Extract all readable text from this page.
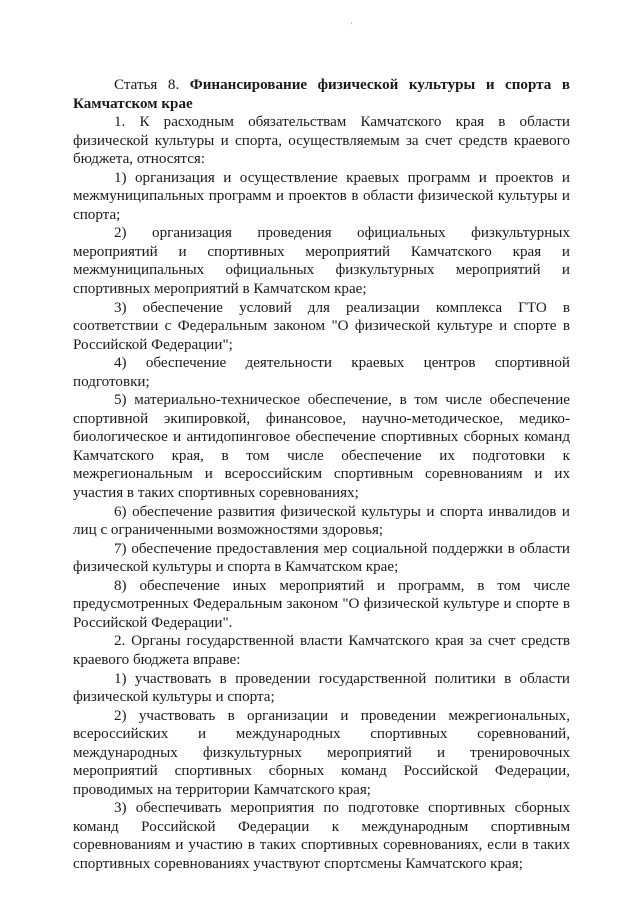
'

Статья 8. Финансирование физической культуры и спорта в Камчатском крае

1. К расходным обязательствам Камчатского края в области физической культуры и спорта, осуществляемым за счет средств краевого бюджета, относятся:

1) организация и осуществление краевых программ и проектов и межмуниципальных программ и проектов в области физической культуры и спорта;

2) организация проведения официальных физкультурных мероприятий и спортивных мероприятий Камчатского края и межмуниципальных официальных физкультурных мероприятий и спортивных мероприятий в Камчатском крае;

3) обеспечение условий для реализации комплекса ГТО в соответствии с Федеральным законом "О физической культуре и спорте в Российской Федерации";

4) обеспечение деятельности краевых центров спортивной подготовки;

5) материально-техническое обеспечение, в том числе обеспечение спортивной экипировкой, финансовое, научно-методическое, медико-биологическое и антидопинговое обеспечение спортивных сборных команд Камчатского края, в том числе обеспечение их подготовки к межрегиональным и всероссийским спортивным соревнованиям и их участия в таких спортивных соревнованиях;

6) обеспечение развития физической культуры и спорта инвалидов и лиц с ограниченными возможностями здоровья;

7) обеспечение предоставления мер социальной поддержки в области физической культуры и спорта в Камчатском крае;

8) обеспечение иных мероприятий и программ, в том числе предусмотренных Федеральным законом "О физической культуре и спорте в Российской Федерации".

2. Органы государственной власти Камчатского края за счет средств краевого бюджета вправе:

1) участвовать в проведении государственной политики в области физической культуры и спорта;

2) участвовать в организации и проведении межрегиональных, всероссийских и международных спортивных соревнований, международных физкультурных мероприятий и тренировочных мероприятий спортивных сборных команд Российской Федерации, проводимых на территории Камчатского края;

3) обеспечивать мероприятия по подготовке спортивных сборных команд Российской Федерации к международным спортивным соревнованиям и участию в таких спортивных соревнованиях, если в таких спортивных соревнованиях участвуют спортсмены Камчатского края;
